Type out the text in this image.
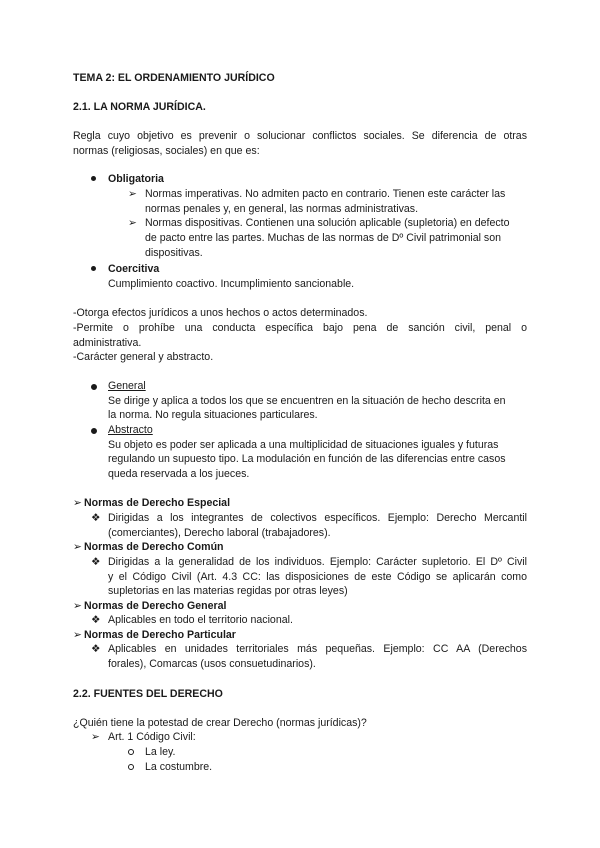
TEMA 2: EL ORDENAMIENTO JURÍDICO
2.1. LA NORMA JURÍDICA.
Regla cuyo objetivo es prevenir o solucionar conflictos sociales. Se diferencia de otras
normas (religiosas, sociales) en que es:
Obligatoria
➢ Normas imperativas. No admiten pacto en contrario. Tienen este carácter las
normas penales y, en general, las normas administrativas.
➢ Normas dispositivas. Contienen una solución aplicable (supletoria) en defecto
de pacto entre las partes. Muchas de las normas de Dº Civil patrimonial son
dispositivas.
Coercitiva
Cumplimiento coactivo. Incumplimiento sancionable.
-Otorga efectos jurídicos a unos hechos o actos determinados.
-Permite o prohíbe una conducta específica bajo pena de sanción civil, penal o
administrativa.
-Carácter general y abstracto.
General
Se dirige y aplica a todos los que se encuentren en la situación de hecho descrita en
la norma. No regula situaciones particulares.
Abstracto
Su objeto es poder ser aplicada a una multiplicidad de situaciones iguales y futuras
regulando un supuesto tipo. La modulación en función de las diferencias entre casos
queda reservada a los jueces.
➢ Normas de Derecho Especial
❖ Dirigidas a los integrantes de colectivos específicos. Ejemplo: Derecho Mercantil
(comerciantes), Derecho laboral (trabajadores).
➢ Normas de Derecho Común
❖ Dirigidas a la generalidad de los individuos. Ejemplo: Carácter supletorio. El Dº Civil
y el Código Civil (Art. 4.3 CC: las disposiciones de este Código se aplicarán como
supletorias en las materias regidas por otras leyes)
➢ Normas de Derecho General
❖ Aplicables en todo el territorio nacional.
➢ Normas de Derecho Particular
❖ Aplicables en unidades territoriales más pequeñas. Ejemplo: CC AA (Derechos
forales), Comarcas (usos consuetudinarios).
2.2. FUENTES DEL DERECHO
¿Quién tiene la potestad de crear Derecho (normas jurídicas)?
➢ Art. 1 Código Civil:
La ley.
La costumbre.
